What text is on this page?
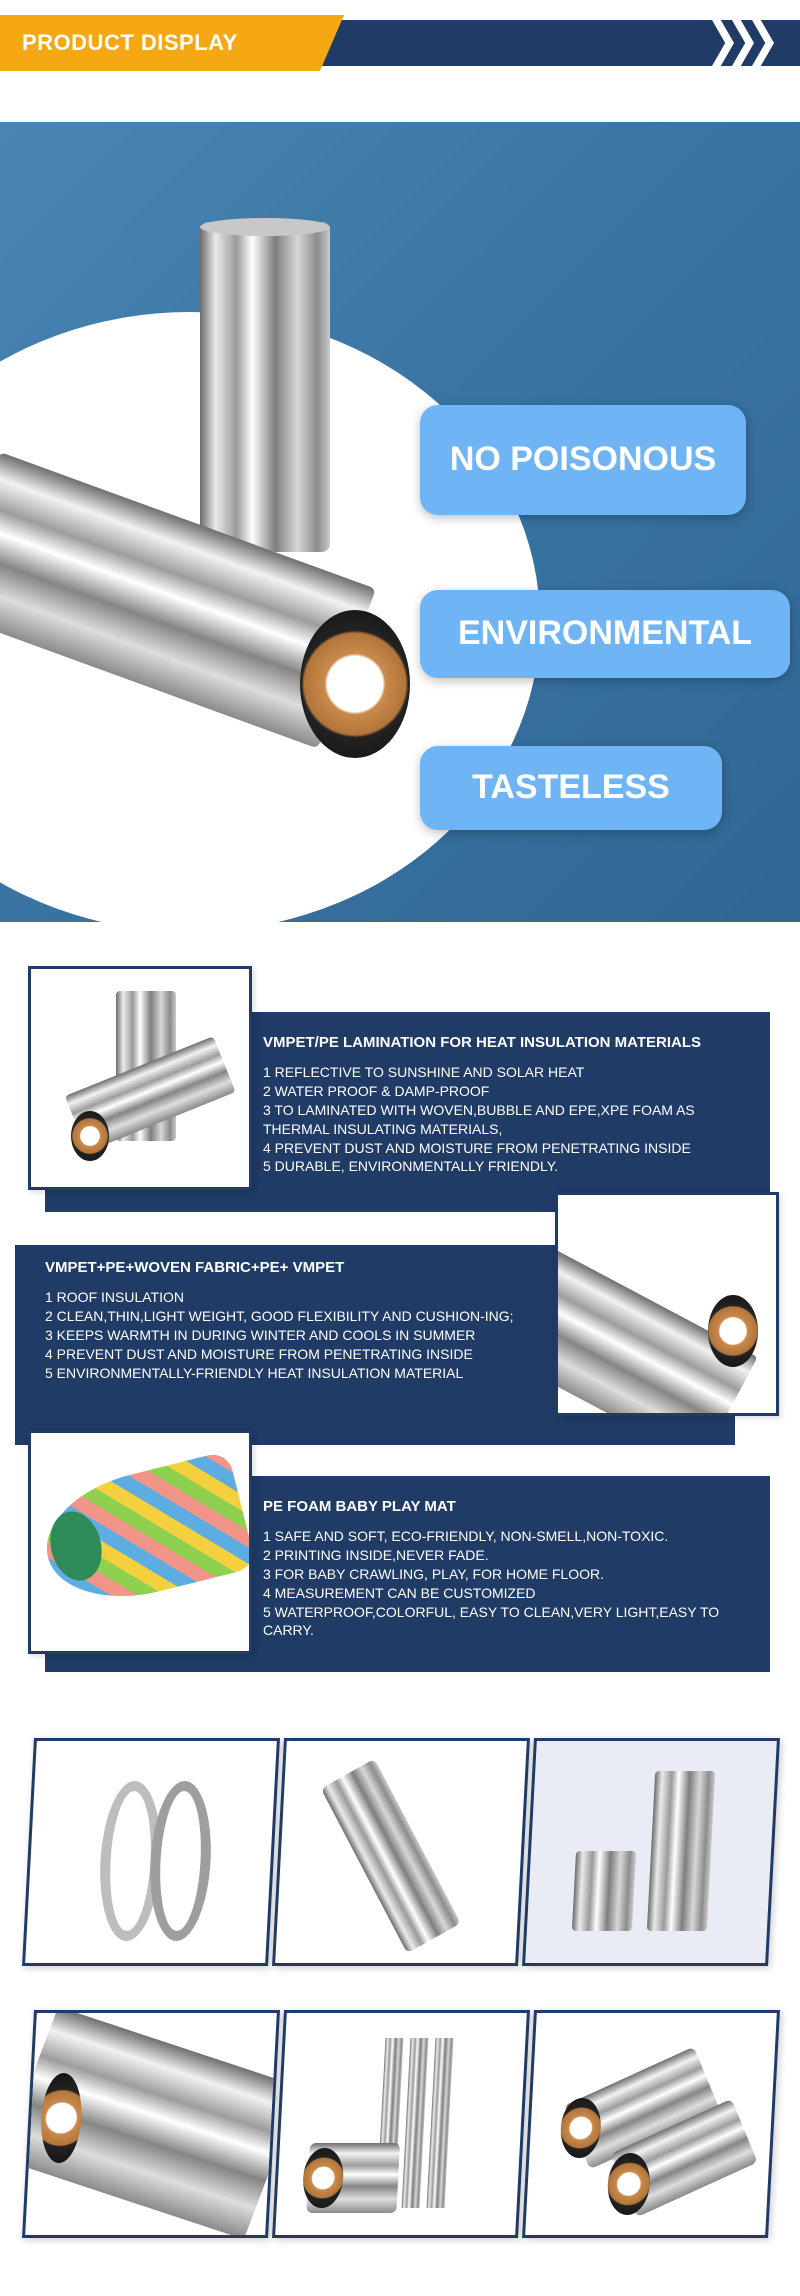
PRODUCT DISPLAY
NO POISONOUS
ENVIRONMENTAL
TASTELESS
VMPET/PE LAMINATION FOR HEAT INSULATION MATERIALS

1 REFLECTIVE TO SUNSHINE AND SOLAR HEAT

2 WATER PROOF & DAMP-PROOF

3 TO LAMINATED WITH WOVEN,BUBBLE AND EPE,XPE FOAM AS THERMAL INSULATING MATERIALS,

4 PREVENT DUST AND MOISTURE FROM PENETRATING INSIDE

5 DURABLE, ENVIRONMENTALLY FRIENDLY.

VMPET+PE+WOVEN FABRIC+PE+ VMPET

1 ROOF INSULATION

2 CLEAN,THIN,LIGHT WEIGHT, GOOD FLEXIBILITY AND CUSHION-ING;

3 KEEPS WARMTH IN DURING WINTER AND COOLS IN SUMMER

4 PREVENT DUST AND MOISTURE FROM PENETRATING INSIDE

5 ENVIRONMENTALLY-FRIENDLY HEAT INSULATION MATERIAL

PE FOAM BABY PLAY MAT

1 SAFE AND SOFT, ECO-FRIENDLY, NON-SMELL,NON-TOXIC.

2 PRINTING INSIDE,NEVER FADE.

3 FOR BABY CRAWLING, PLAY, FOR HOME FLOOR.

4 MEASUREMENT CAN BE CUSTOMIZED

5 WATERPROOF,COLORFUL, EASY TO CLEAN,VERY LIGHT,EASY TO CARRY.
